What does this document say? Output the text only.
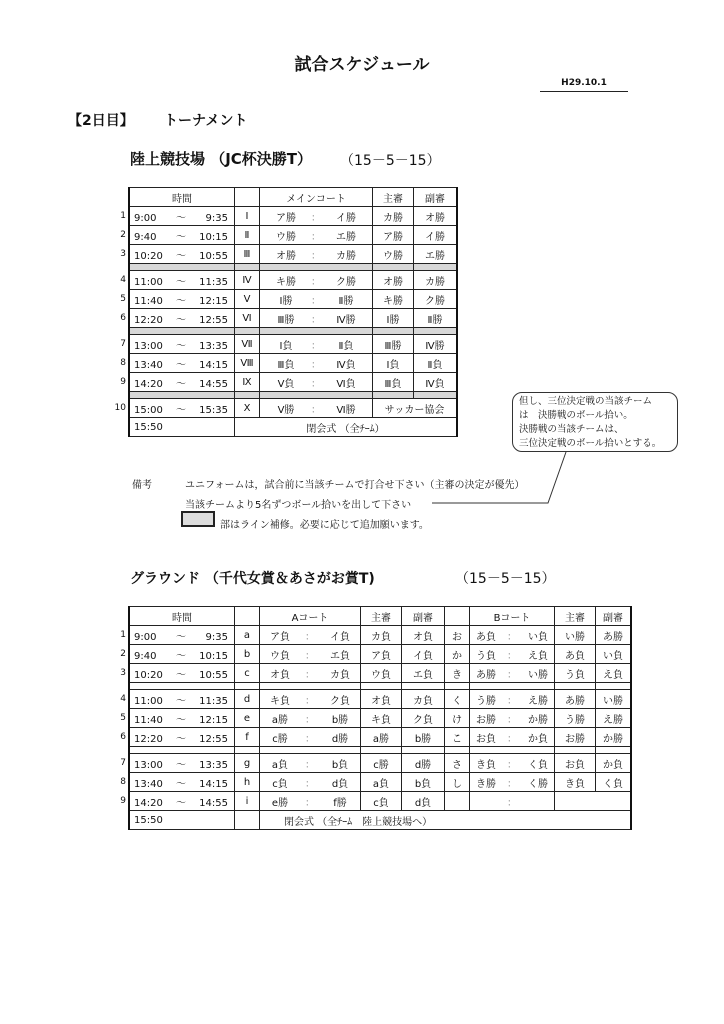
試合スケジュール
H29.10.1
【2日目】 トーナメント
陸上競技場 （JC杯決勝T） （15－5－15）
	時間		メインコート	主審	副審
1	9:00 ～ 9:35	Ⅰ	ア勝 ： イ勝	カ勝	オ勝
2	9:40 ～ 10:15	Ⅱ	ウ勝 ： エ勝	ア勝	イ勝
3	10:20 ～ 10:55	Ⅲ	オ勝 ： カ勝	ウ勝	エ勝

4	11:00 ～ 11:35	Ⅳ	キ勝 ： ク勝	オ勝	カ勝
5	11:40 ～ 12:15	Ⅴ	Ⅰ勝 ： Ⅱ勝	キ勝	ク勝
6	12:20 ～ 12:55	Ⅵ	Ⅲ勝 ： Ⅳ勝	Ⅰ勝	Ⅱ勝

7	13:00 ～ 13:35	Ⅶ	Ⅰ負 ： Ⅱ負	Ⅲ勝	Ⅳ勝
8	13:40 ～ 14:15	Ⅷ	Ⅲ負 ： Ⅳ負	Ⅰ負	Ⅱ負
9	14:20 ～ 14:55	Ⅸ	Ⅴ負 ： Ⅵ負	Ⅲ負	Ⅳ負

10	15:00 ～ 15:35	Ⅹ	Ⅴ勝 ： Ⅵ勝	サッカー協会	
	15:50	閉会式 （全ﾁｰﾑ）			
但し、三位決定戦の当該チーム
は　決勝戦のボール拾い。
決勝戦の当該チームは、
三位決定戦のボール拾いとする。
備考	ユニフォームは，試合前に当該チームで打合せ下さい（主審の決定が優先）
当該チームより5名ずつボール拾いを出して下さい
部はライン補修。必要に応じて追加願います。
グラウンド （千代女賞＆あさがお賞T)	（15－5－15）
	時間		Aコート	主審	副審		Bコート	主審	副審
1	9:00 ～ 9:35	a	ア負 ： イ負	カ負	オ負	お	あ負 ： い負	い勝	あ勝
2	9:40 ～ 10:15	b	ウ負 ： エ負	ア負	イ負	か	う負 ： え負	あ負	い負
3	10:20 ～ 10:55	c	オ負 ： カ負	ウ負	エ負	き	あ勝 ： い勝	う負	え負

4	11:00 ～ 11:35	d	キ負 ： ク負	オ負	カ負	く	う勝 ： え勝	あ勝	い勝
5	11:40 ～ 12:15	e	a勝 ： b勝	キ負	ク負	け	お勝 ： か勝	う勝	え勝
6	12:20 ～ 12:55	f	c勝 ： d勝	a勝	b勝	こ	お負 ： か負	お勝	か勝

7	13:00 ～ 13:35	g	a負 ： b負	c勝	d勝	さ	き負 ： く負	お負	か負
8	13:40 ～ 14:15	h	c負 ： d負	a負	b負	し	き勝 ： く勝	き負	く負
9	14:20 ～ 14:55	i	e勝 ： f勝	c負	d負		：		
	15:50		閉会式 （全ﾁｰﾑ　陸上競技場へ）						
